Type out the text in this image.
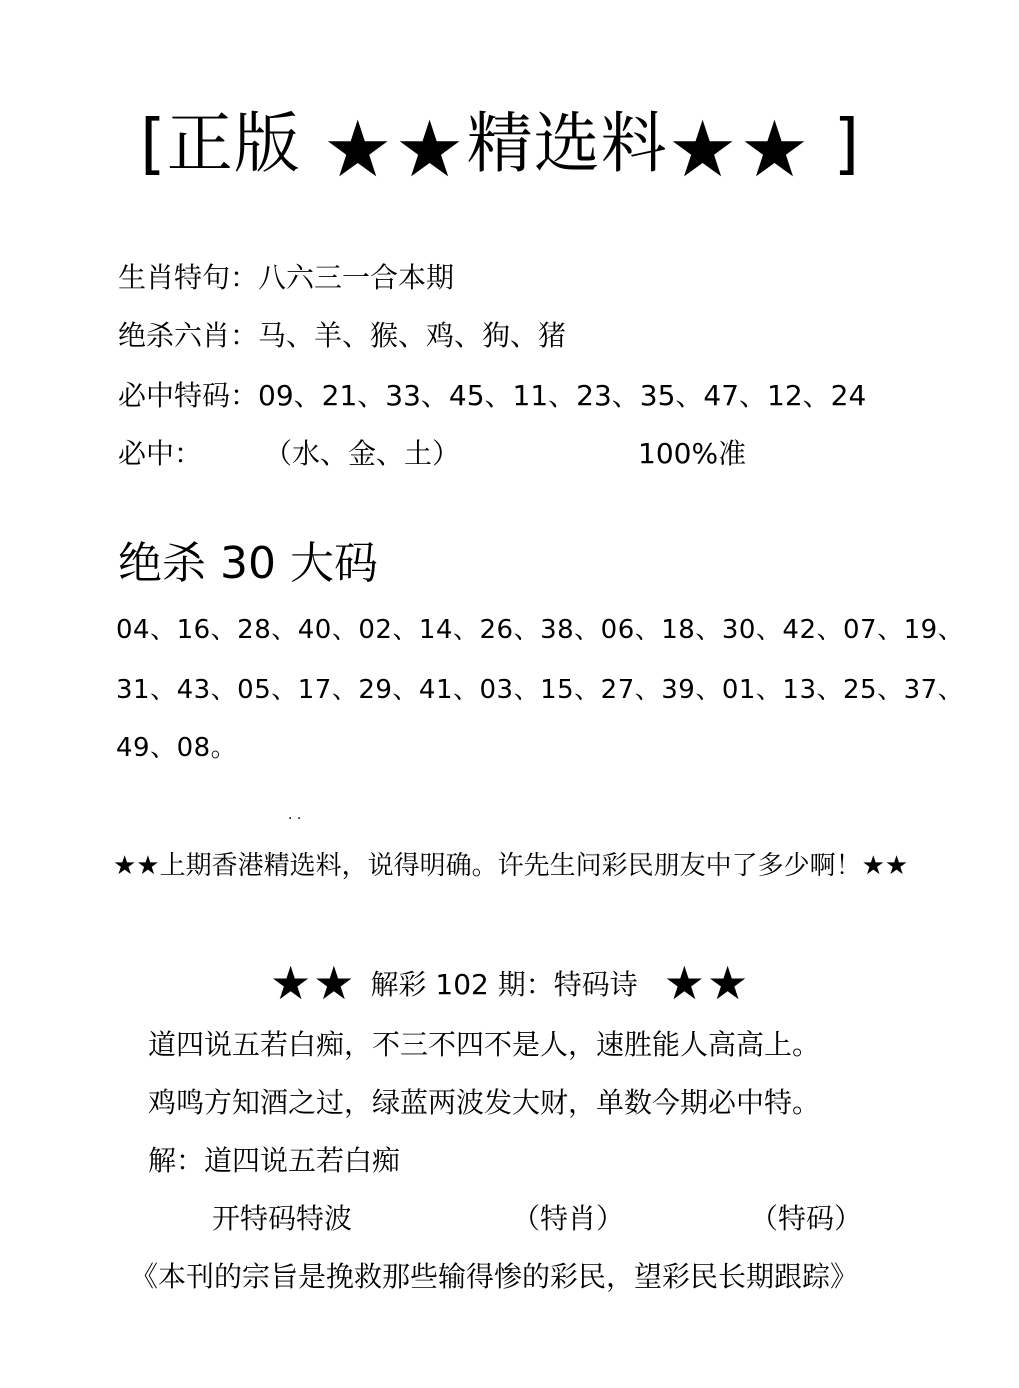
[正版 ★★精选料★★ ]
生肖特句：八六三一合本期
绝杀六肖：马、羊、猴、鸡、狗、猪
必中特码：09、21、33、45、11、23、35、47、12、24
必中： （水、金、土）	100%准
绝杀 30 大码
04、16、28、40、02、14、26、38、06、18、30、42、07、19、
31、43、05、17、29、41、03、15、27、39、01、13、25、37、
49、08。
. .
★★上期香港精选料，说得明确。许先生问彩民朋友中了多少啊！★★
★★ 解彩 102 期：特码诗 ★★
道四说五若白痴，不三不四不是人，速胜能人高高上。
鸡鸣方知酒之过，绿蓝两波发大财，单数今期必中特。
解：道四说五若白痴
开特码特波	（特肖）	（特码）
《本刊的宗旨是挽救那些输得惨的彩民，望彩民长期跟踪》
